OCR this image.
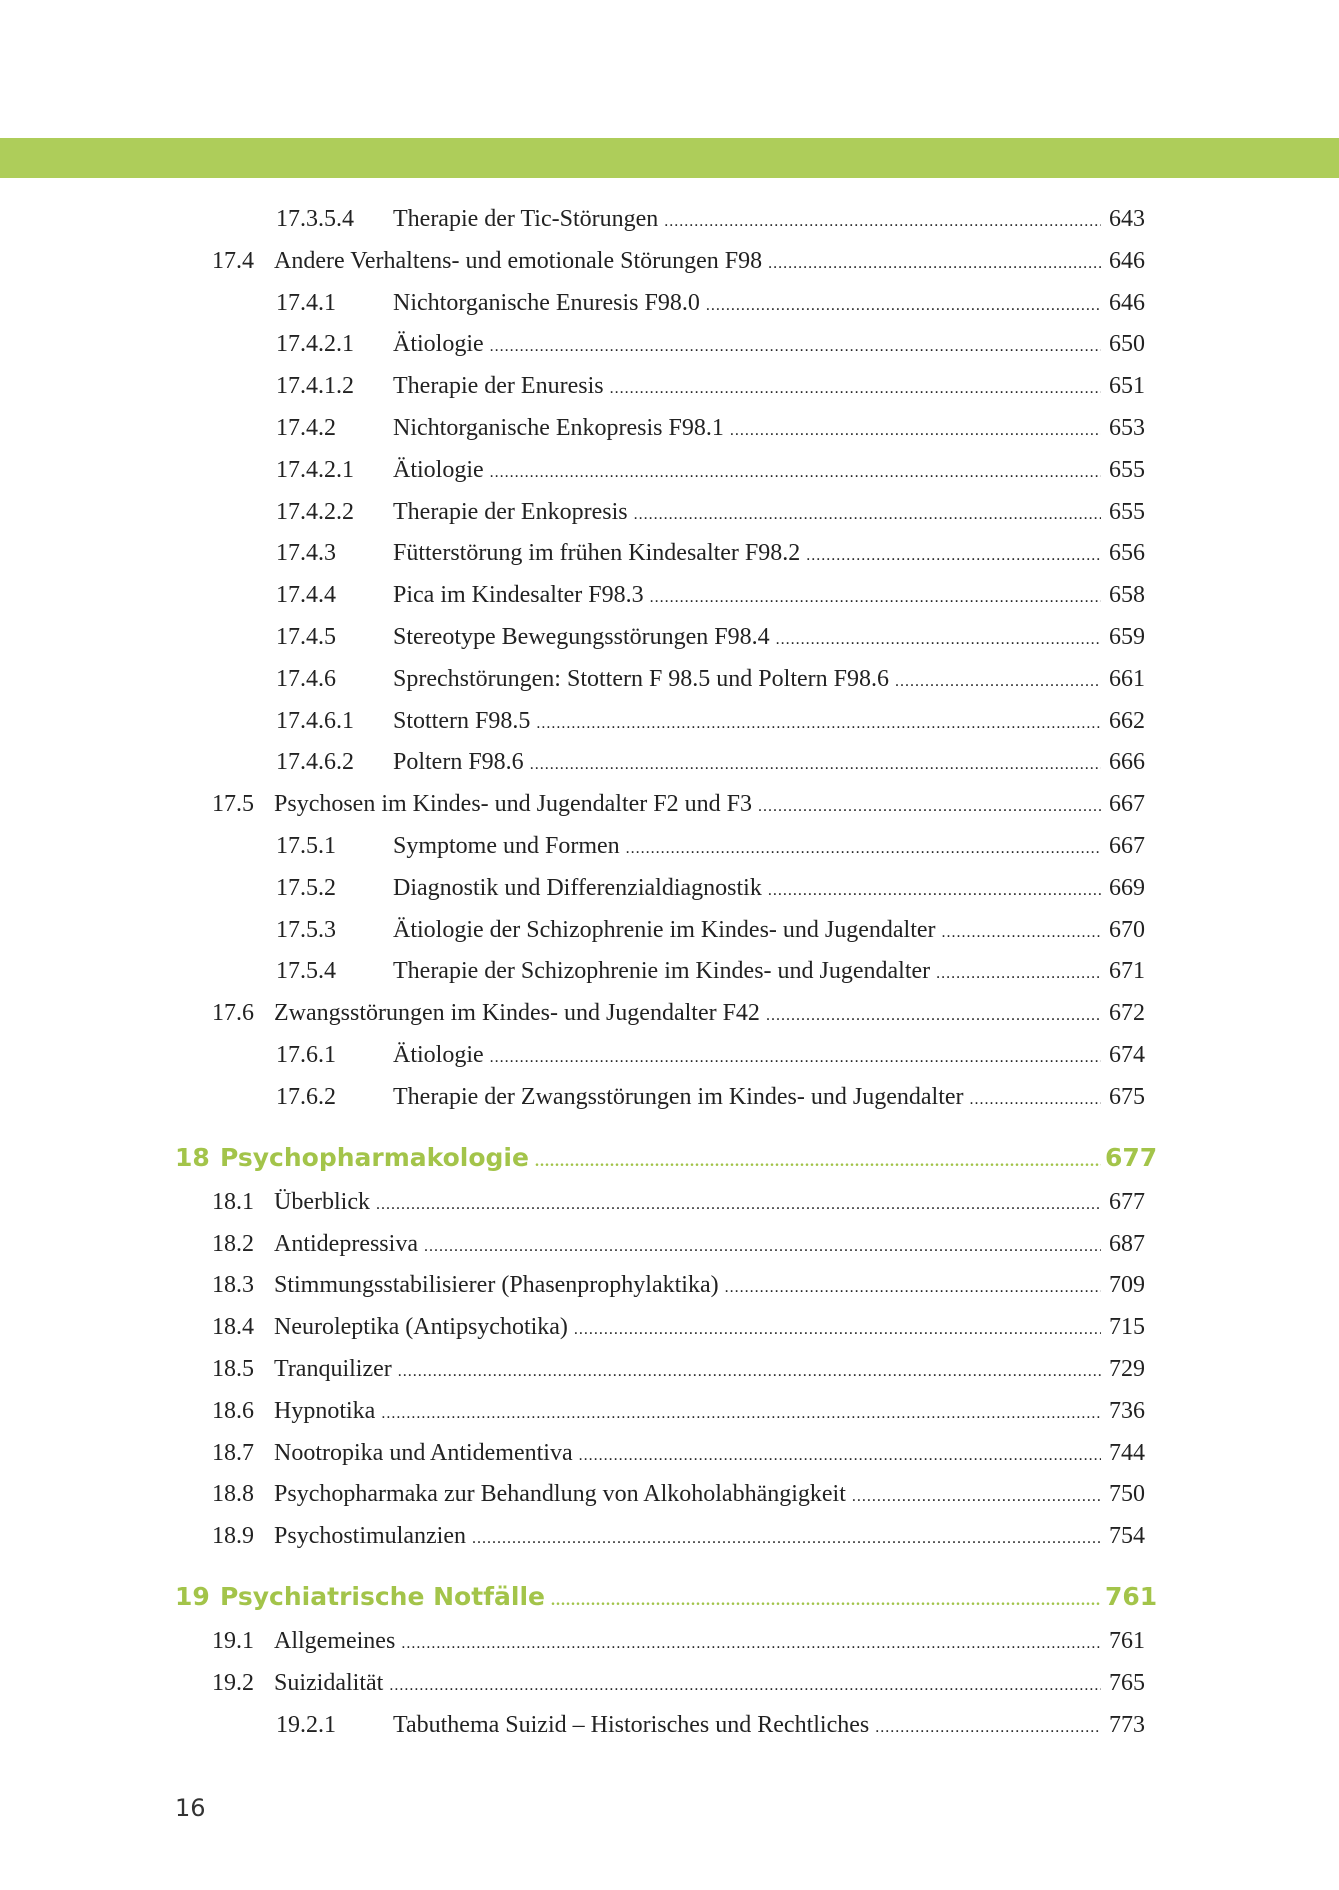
17.3.5.4 Therapie der Tic-Störungen .....	643
17.4 Andere Verhaltens- und emotionale Störungen F98 .....	646
17.4.1 Nichtorganische Enuresis F98.0 .....	646
17.4.2.1 Ätiologie .....	650
17.4.1.2 Therapie der Enuresis .....	651
17.4.2 Nichtorganische Enkopresis F98.1 .....	653
17.4.2.1 Ätiologie .....	655
17.4.2.2 Therapie der Enkopresis .....	655
17.4.3 Fütterstörung im frühen Kindesalter F98.2 .....	656
17.4.4 Pica im Kindesalter F98.3 .....	658
17.4.5 Stereotype Bewegungsstörungen F98.4 .....	659
17.4.6 Sprechstörungen: Stottern F 98.5 und Poltern F98.6 .....	661
17.4.6.1 Stottern F98.5 .....	662
17.4.6.2 Poltern F98.6 .....	666
17.5 Psychosen im Kindes- und Jugendalter F2 und F3 .....	667
17.5.1 Symptome und Formen .....	667
17.5.2 Diagnostik und Differenzialdiagnostik .....	669
17.5.3 Ätiologie der Schizophrenie im Kindes- und Jugendalter .....	670
17.5.4 Therapie der Schizophrenie im Kindes- und Jugendalter .....	671
17.6 Zwangsstörungen im Kindes- und Jugendalter F42 .....	672
17.6.1 Ätiologie .....	674
17.6.2 Therapie der Zwangsstörungen im Kindes- und Jugendalter .....	675
18 Psychopharmakologie .....	677
18.1 Überblick .....	677
18.2 Antidepressiva .....	687
18.3 Stimmungsstabilisierer (Phasenprophylaktika) .....	709
18.4 Neuroleptika (Antipsychotika) .....	715
18.5 Tranquilizer .....	729
18.6 Hypnotika .....	736
18.7 Nootropika und Antidementiva .....	744
18.8 Psychopharmaka zur Behandlung von Alkoholabhängigkeit .....	750
18.9 Psychostimulanzien .....	754
19 Psychiatrische Notfälle .....	761
19.1 Allgemeines .....	761
19.2 Suizidalität .....	765
19.2.1 Tabuthema Suizid – Historisches und Rechtliches .....	773
16
